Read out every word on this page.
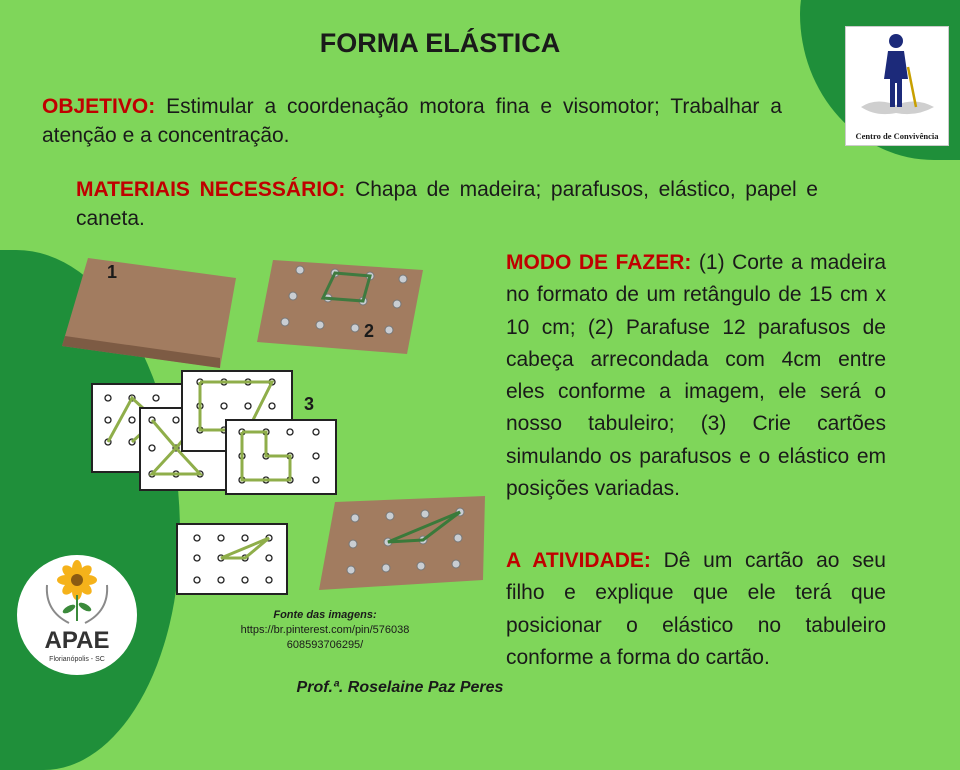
FORMA ELÁSTICA
OBJETIVO: Estimular a coordenação motora fina e visomotor; Trabalhar a atenção e a concentração.
MATERIAIS NECESSÁRIO: Chapa de madeira; parafusos, elástico, papel e caneta.
MODO DE FAZER: (1) Corte a madeira no formato de um retângulo de 15 cm x 10 cm; (2) Parafuse 12 parafusos de cabeça arrecondada com 4cm entre eles conforme a imagem, ele será o nosso tabuleiro; (3) Crie cartões simulando os parafusos e o elástico em posições variadas.
A ATIVIDADE: Dê um cartão ao seu filho e explique que ele terá que posicionar o elástico no tabuleiro conforme a forma do cartão.
Centro de Convivência
1
2
3
Fonte das imagens:
https://br.pinterest.com/pin/576038
608593706295/
APAE
Florianópolis - SC
Prof.ª. Roselaine Paz Peres
